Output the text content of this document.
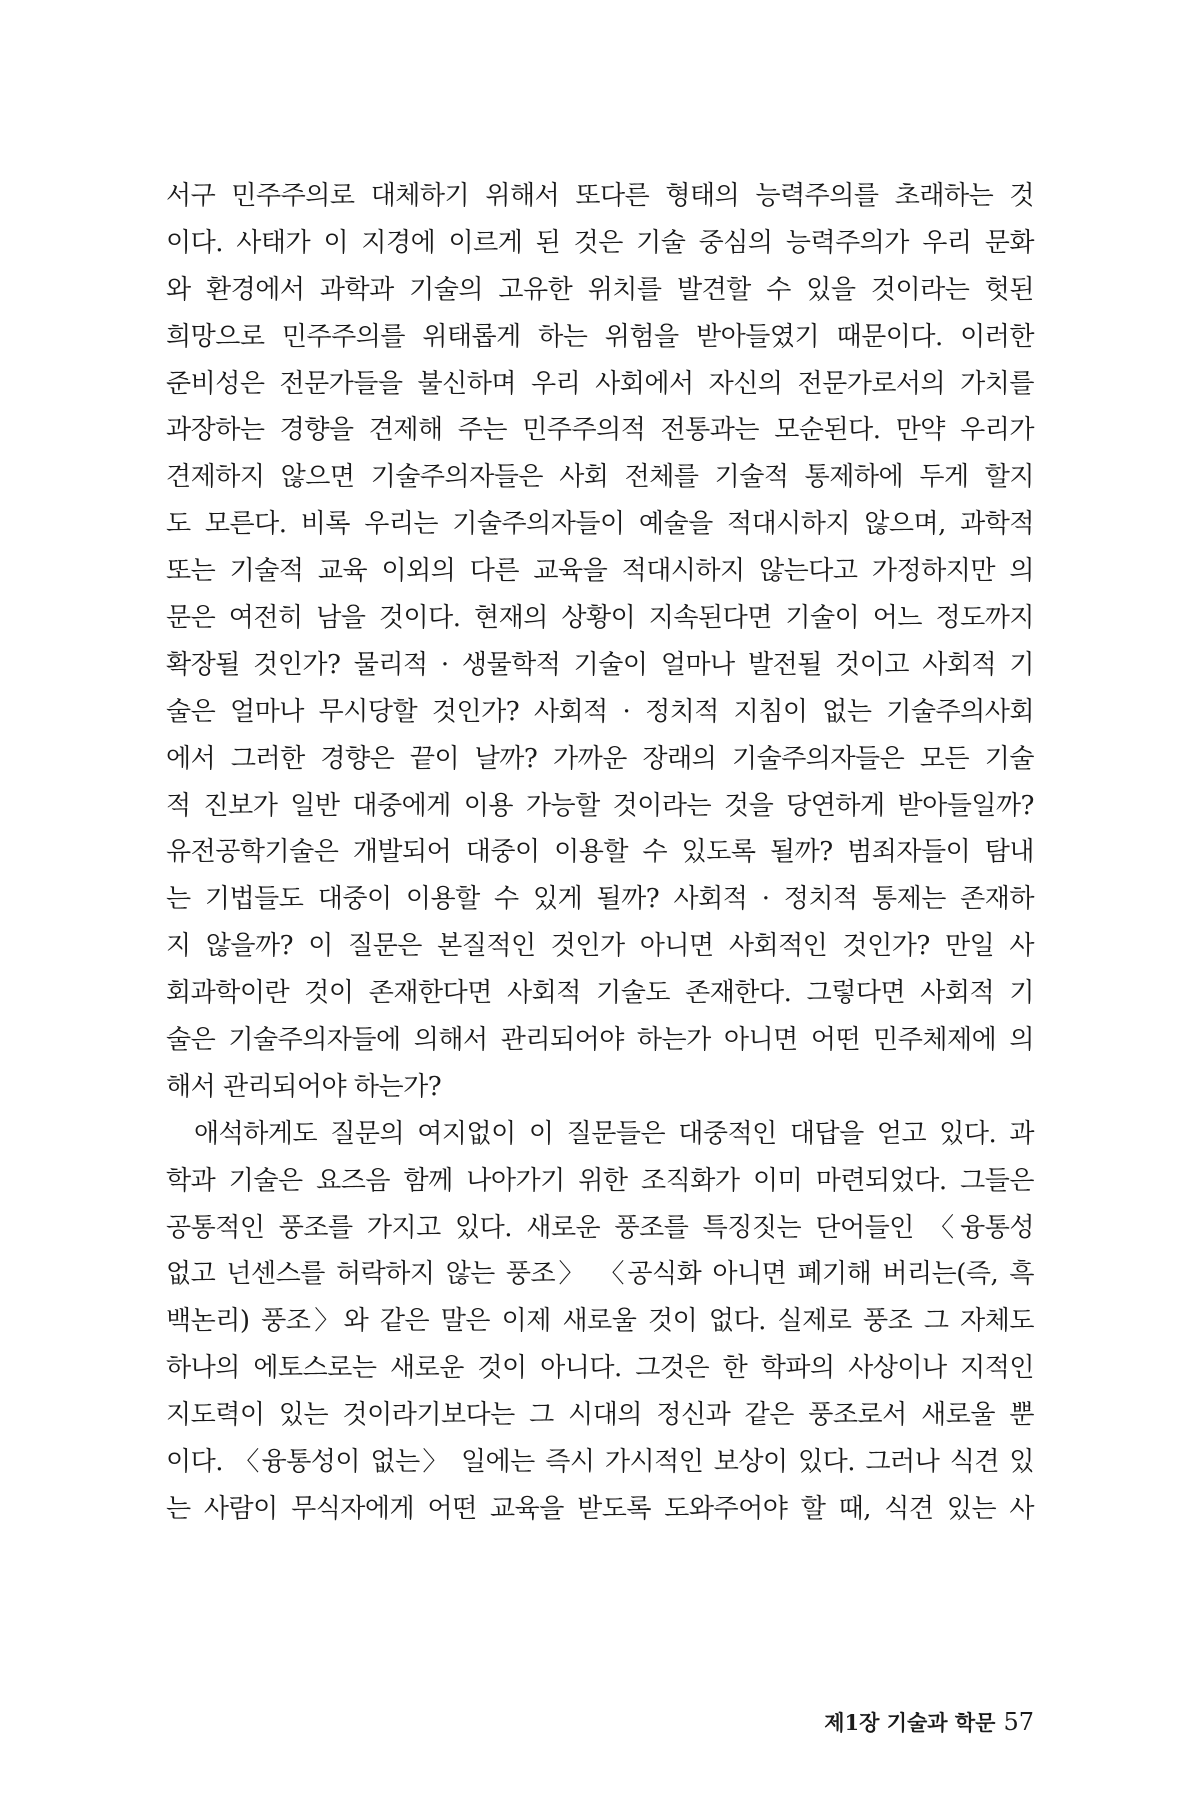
서구 민주주의로 대체하기 위해서 또다른 형태의 능력주의를 초래하는 것
이다. 사태가 이 지경에 이르게 된 것은 기술 중심의 능력주의가 우리 문화
와 환경에서 과학과 기술의 고유한 위치를 발견할 수 있을 것이라는 헛된
희망으로 민주주의를 위태롭게 하는 위험을 받아들였기 때문이다. 이러한
준비성은 전문가들을 불신하며 우리 사회에서 자신의 전문가로서의 가치를
과장하는 경향을 견제해 주는 민주주의적 전통과는 모순된다. 만약 우리가
견제하지 않으면 기술주의자들은 사회 전체를 기술적 통제하에 두게 할지
도 모른다. 비록 우리는 기술주의자들이 예술을 적대시하지 않으며, 과학적
또는 기술적 교육 이외의 다른 교육을 적대시하지 않는다고 가정하지만 의
문은 여전히 남을 것이다. 현재의 상황이 지속된다면 기술이 어느 정도까지
확장될 것인가? 물리적 · 생물학적 기술이 얼마나 발전될 것이고 사회적 기
술은 얼마나 무시당할 것인가? 사회적 · 정치적 지침이 없는 기술주의사회
에서 그러한 경향은 끝이 날까? 가까운 장래의 기술주의자들은 모든 기술
적 진보가 일반 대중에게 이용 가능할 것이라는 것을 당연하게 받아들일까?
유전공학기술은 개발되어 대중이 이용할 수 있도록 될까? 범죄자들이 탐내
는 기법들도 대중이 이용할 수 있게 될까? 사회적 · 정치적 통제는 존재하
지 않을까? 이 질문은 본질적인 것인가 아니면 사회적인 것인가? 만일 사
회과학이란 것이 존재한다면 사회적 기술도 존재한다. 그렇다면 사회적 기
술은 기술주의자들에 의해서 관리되어야 하는가 아니면 어떤 민주체제에 의
해서 관리되어야 하는가?
애석하게도 질문의 여지없이 이 질문들은 대중적인 대답을 얻고 있다. 과
학과 기술은 요즈음 함께 나아가기 위한 조직화가 이미 마련되었다. 그들은
공통적인 풍조를 가지고 있다. 새로운 풍조를 특징짓는 단어들인 〈융통성
없고 넌센스를 허락하지 않는 풍조〉 〈공식화 아니면 폐기해 버리는(즉, 흑
백논리) 풍조〉와 같은 말은 이제 새로울 것이 없다. 실제로 풍조 그 자체도
하나의 에토스로는 새로운 것이 아니다. 그것은 한 학파의 사상이나 지적인
지도력이 있는 것이라기보다는 그 시대의 정신과 같은 풍조로서 새로울 뿐
이다. 〈융통성이 없는〉 일에는 즉시 가시적인 보상이 있다. 그러나 식견 있
는 사람이 무식자에게 어떤 교육을 받도록 도와주어야 할 때, 식견 있는 사
제1장 기술과 학문 57
